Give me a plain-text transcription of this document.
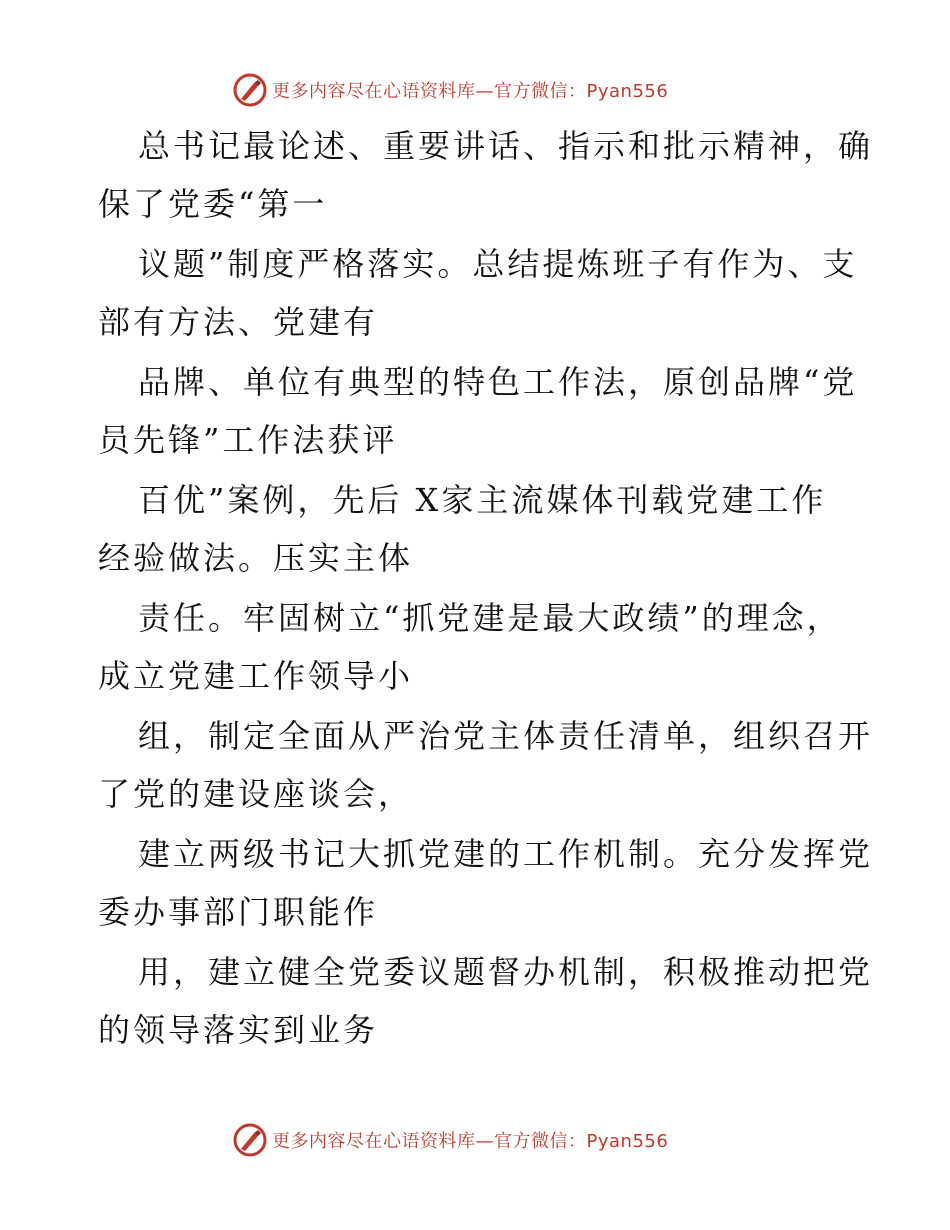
更多内容尽在心语资料库—官方微信：Pyan556
总书记最论述、重要讲话、指示和批示精神，确
保了党委“第一
议题”制度严格落实。总结提炼班子有作为、支
部有方法、党建有
品牌、单位有典型的特色工作法，原创品牌“党
员先锋”工作法获评
百优”案例，先后 X家主流媒体刊载党建工作
经验做法。压实主体
责任。牢固树立“抓党建是最大政绩”的理念，
成立党建工作领导小
组，制定全面从严治党主体责任清单，组织召开
了党的建设座谈会，
建立两级书记大抓党建的工作机制。充分发挥党
委办事部门职能作
用，建立健全党委议题督办机制，积极推动把党
的领导落实到业务
更多内容尽在心语资料库—官方微信：Pyan556
